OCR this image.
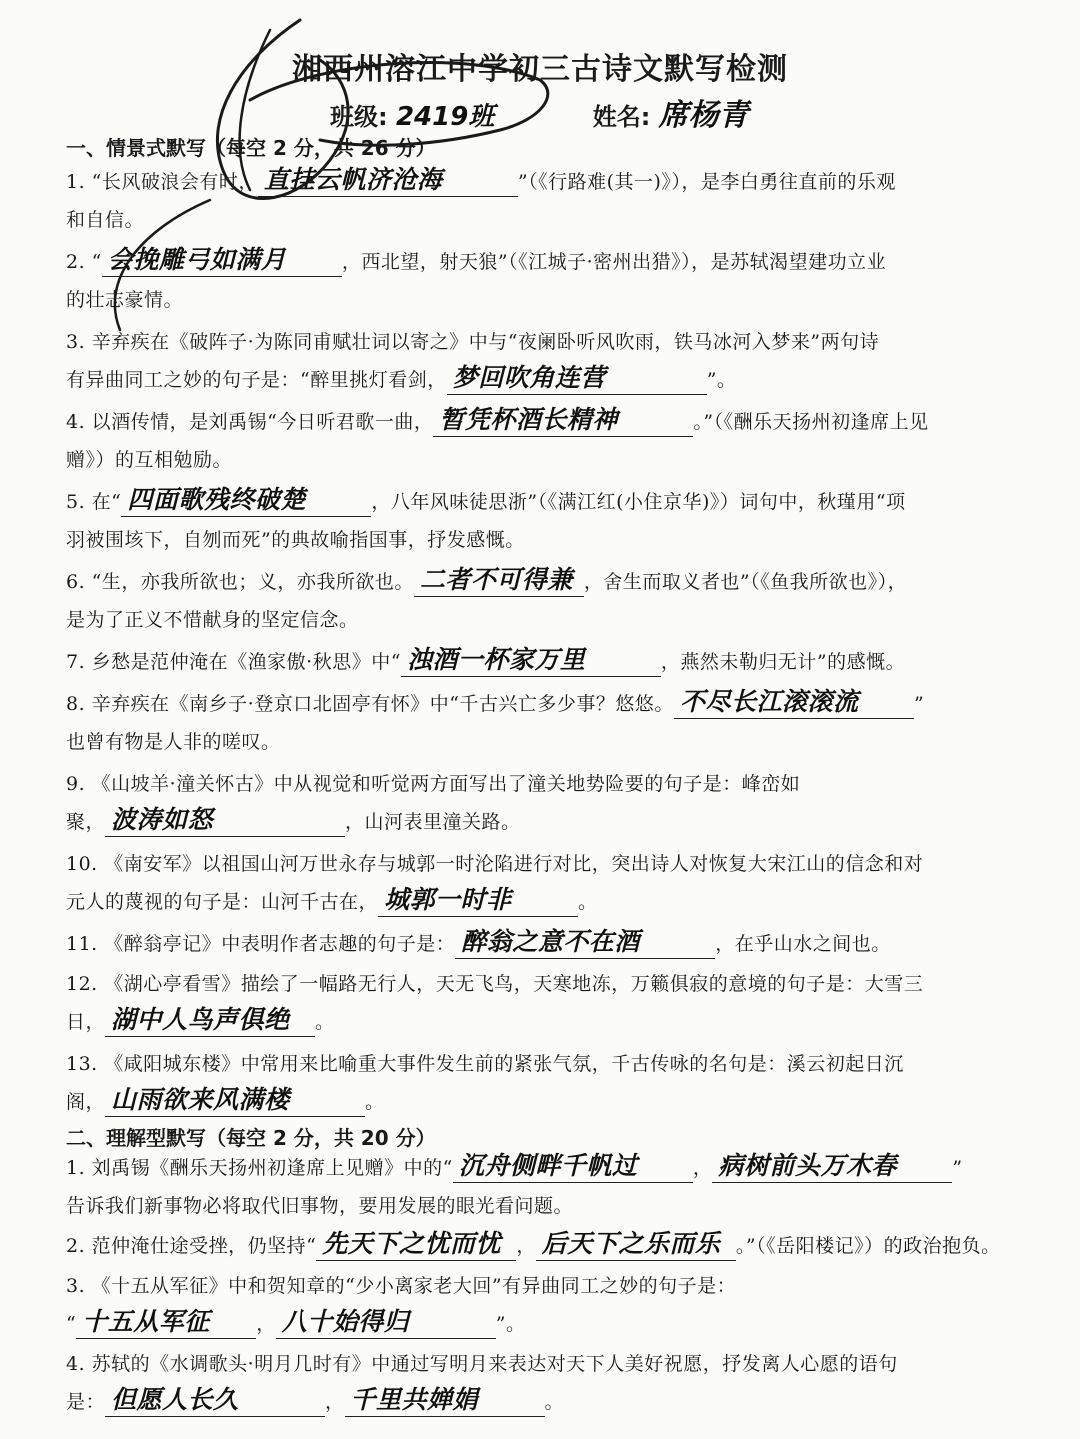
湘西州溶江中学初三古诗文默写检测
班级: 2419班	姓名: 席杨青
一、情景式默写（每空 2 分，共 26 分）
1. “长风破浪会有时， 直挂云帆济沧海	”（《行路难(其一)》），是李白勇往直前的乐观
和自信。
2. “ 会挽雕弓如满月	，西北望，射天狼”（《江城子·密州出猎》），是苏轼渴望建功立业
的壮志豪情。
3. 辛弃疾在《破阵子·为陈同甫赋壮词以寄之》中与“夜阑卧听风吹雨，铁马冰河入梦来”两句诗
有异曲同工之妙的句子是：“醉里挑灯看剑， 梦回吹角连营	”。
4. 以酒传情，是刘禹锡“今日听君歌一曲， 暂凭杯酒长精神	。”（《酬乐天扬州初逢席上见
赠》）的互相勉励。
5. 在“ 四面歌残终破楚	，八年风味徒思浙”（《满江红(小住京华)》）词句中，秋瑾用“项
羽被围垓下，自刎而死”的典故喻指国事，抒发感慨。
6. “生，亦我所欲也；义，亦我所欲也。 二者不可得兼 ，舍生而取义者也”（《鱼我所欲也》），
是为了正义不惜献身的坚定信念。
7. 乡愁是范仲淹在《渔家傲·秋思》中“ 浊酒一杯家万里	，燕然未勒归无计”的感慨。
8. 辛弃疾在《南乡子·登京口北固亭有怀》中“千古兴亡多少事？悠悠。 不尽长江滚滚流	”
也曾有物是人非的嗟叹。
9. 《山坡羊·潼关怀古》中从视觉和听觉两方面写出了潼关地势险要的句子是：峰峦如
聚， 波涛如怒	，山河表里潼关路。
10. 《南安军》以祖国山河万世永存与城郭一时沦陷进行对比，突出诗人对恢复大宋江山的信念和对
元人的蔑视的句子是：山河千古在， 城郭一时非	。
11. 《醉翁亭记》中表明作者志趣的句子是： 醉翁之意不在酒	，在乎山水之间也。
12. 《湖心亭看雪》描绘了一幅路无行人，天无飞鸟，天寒地冻，万籁俱寂的意境的句子是：大雪三
日， 湖中人鸟声俱绝 。
13. 《咸阳城东楼》中常用来比喻重大事件发生前的紧张气氛，千古传咏的名句是：溪云初起日沉
阁， 山雨欲来风满楼	。
二、理解型默写（每空 2 分，共 20 分）
1. 刘禹锡《酬乐天扬州初逢席上见赠》中的“ 沉舟侧畔千帆过	， 病树前头万木春	”
告诉我们新事物必将取代旧事物，要用发展的眼光看问题。
2. 范仲淹仕途受挫，仍坚持“ 先天下之忧而忧 ， 后天下之乐而乐 。”（《岳阳楼记》）的政治抱负。
3. 《十五从军征》中和贺知章的“少小离家老大回”有异曲同工之妙的句子是：
“ 十五从军征 ， 八十始得归	”。
4. 苏轼的《水调歌头·明月几时有》中通过写明月来表达对天下人美好祝愿，抒发离人心愿的语句
是： 但愿人长久	， 千里共婵娟	。
